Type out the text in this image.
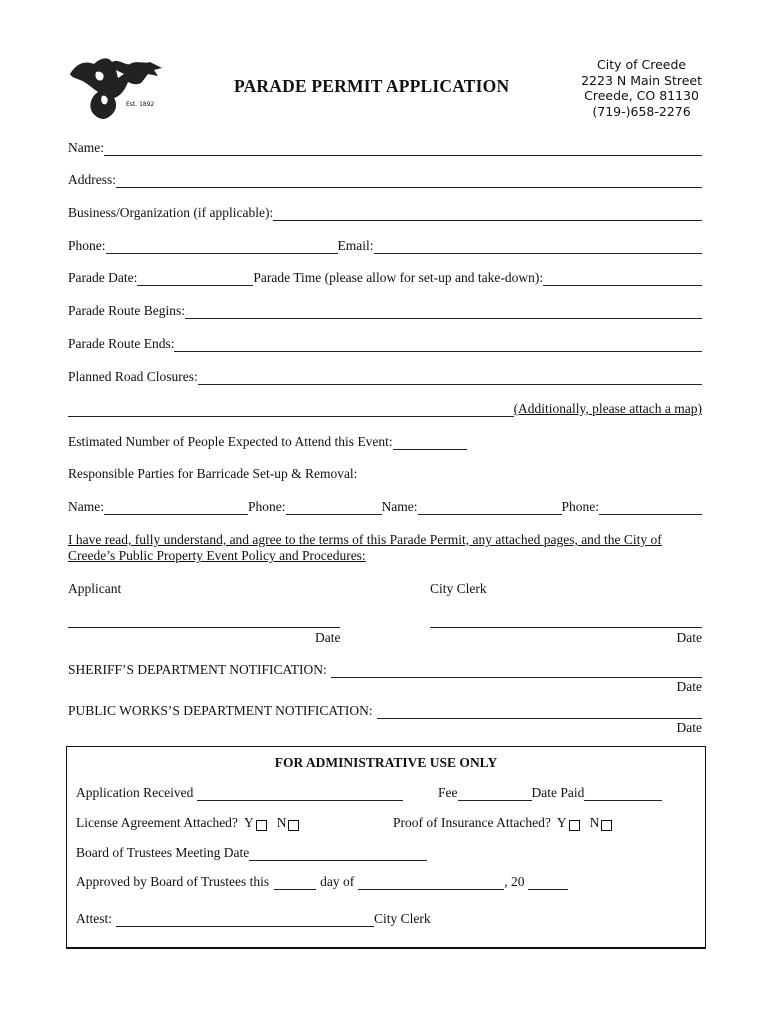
Est. 1892
PARADE PERMIT APPLICATION
City of Creede
2223 N Main Street
Creede, CO 81130
(719-)658-2276
Name:
Address:
Business/Organization (if applicable):
Phone:	Email:
Parade Date:	Parade Time (please allow for set-up and take-down):
Parade Route Begins:
Parade Route Ends:
Planned Road Closures:
(Additionally, please attach a map)
Estimated Number of People Expected to Attend this Event:
Responsible Parties for Barricade Set-up & Removal:
Name:	Phone:	Name:	Phone:
I have read, fully understand, and agree to the terms of this Parade Permit, any attached pages, and the City of
Creede’s Public Property Event Policy and Procedures:
Applicant	City Clerk
Date	Date
SHERIFF’S DEPARTMENT NOTIFICATION:
Date
PUBLIC WORKS’S DEPARTMENT NOTIFICATION:
Date
FOR ADMINISTRATIVE USE ONLY
Application Received	Fee	Date Paid
License Agreement Attached? Y N	Proof of Insurance Attached? Y N
Board of Trustees Meeting Date
Approved by Board of Trustees this	day of	, 20
Attest:	City Clerk
